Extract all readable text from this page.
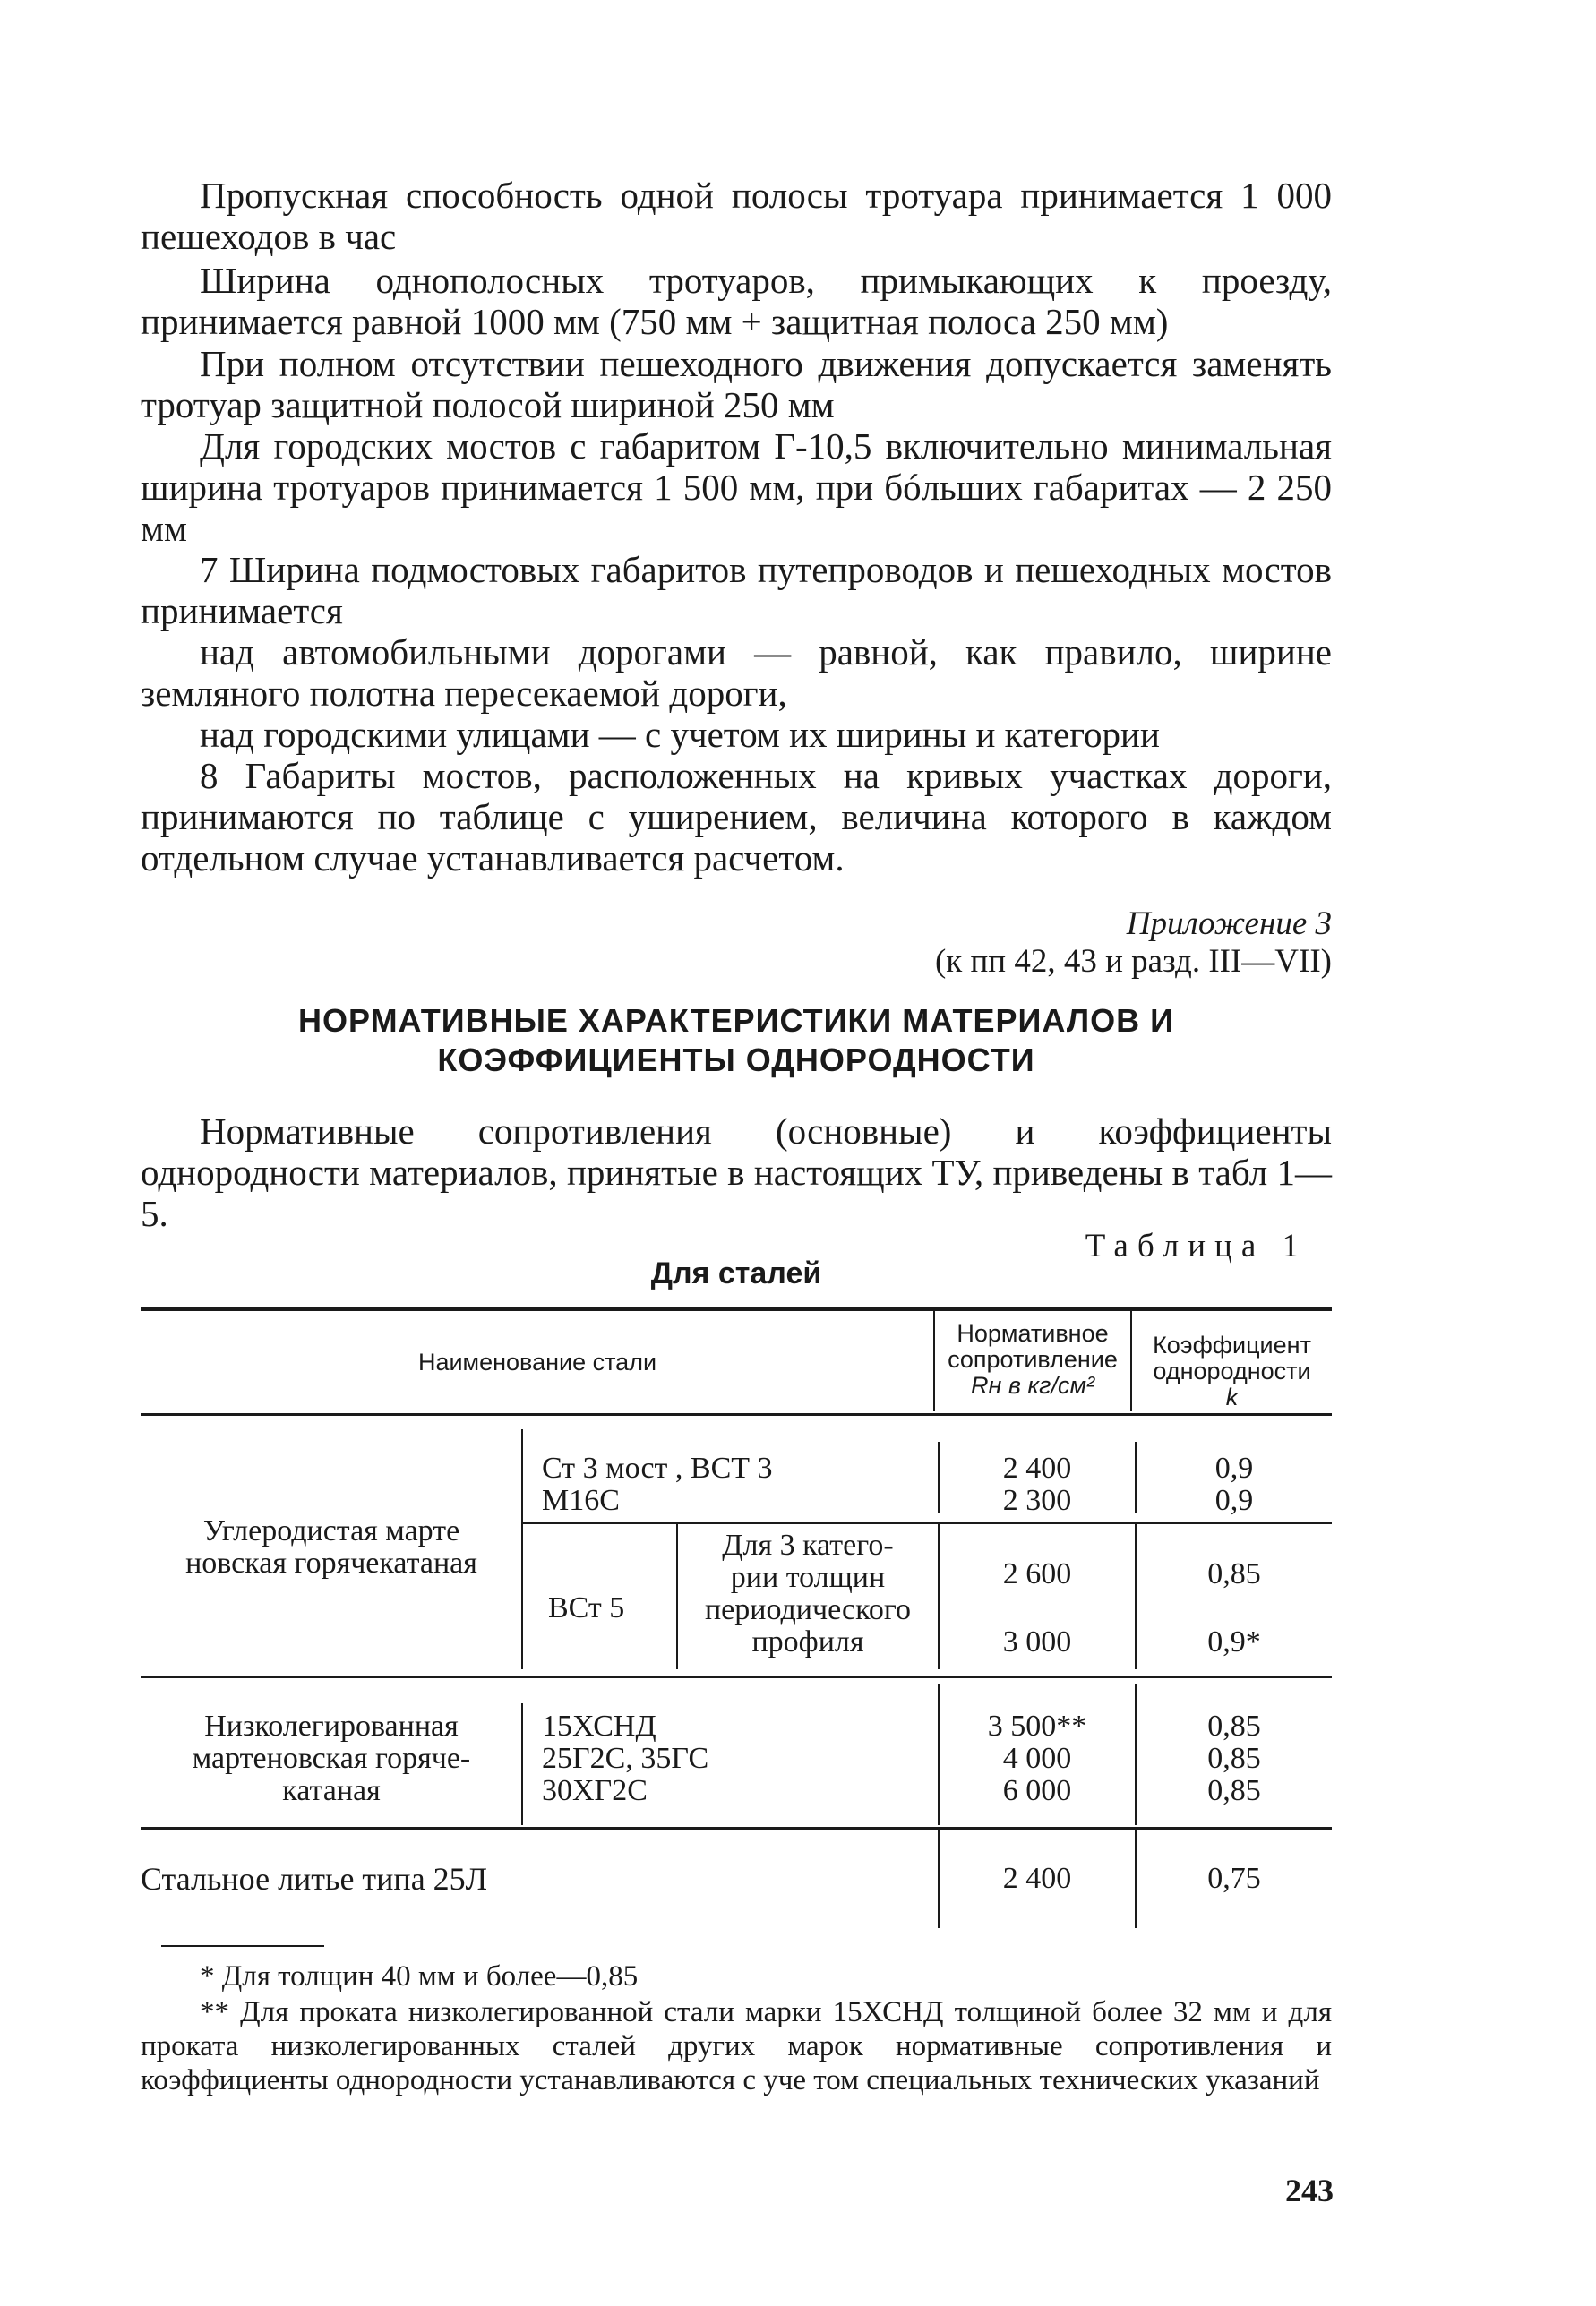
Пропускная способность одной полосы тротуара принимается 1 000 пешеходов в час
Ширина однополосных тротуаров, примыкающих к проезду, принимается равной 1000 мм (750 мм + защитная полоса 250 мм)
При полном отсутствии пешеходного движения допускается заменять тротуар защитной полосой шириной 250 мм
Для городских мостов с габаритом Г-10,5 включительно минимальная ширина тротуаров принимается 1 500 мм, при бóльших габаритах — 2 250 мм
7 Ширина подмостовых габаритов путепроводов и пешеходных мостов принимается
над автомобильными дорогами — равной, как правило, ширине земляного полотна пересекаемой дороги,
над городскими улицами — с учетом их ширины и категории
8 Габариты мостов, расположенных на кривых участках дороги, принимаются по таблице с уширением, величина которого в каждом отдельном случае устанавливается расчетом.
Приложение 3
(к пп 42, 43 и разд. III—VII)
НОРМАТИВНЫЕ ХАРАКТЕРИСТИКИ МАТЕРИАЛОВ И
КОЭФФИЦИЕНТЫ ОДНОРОДНОСТИ
Нормативные сопротивления (основные) и коэффициенты однородности материалов, принятые в настоящих ТУ, приведены в табл 1—5.
Таблица 1
Для сталей
Наименование стали
Нормативное
сопротивление
Rн в кг/см²
Коэффициент
однородности
k
Углеродистая марте
новская горячекатаная
Ст 3 мост , ВСТ 3
М16С
2 400
2 300
0,9
0,9
ВСт 5
Для 3 катего-
рии толщин
периодического
профиля
2 600
3 000
0,85
0,9*
Низколегированная
мартеновская горяче-
катаная
15ХСНД
25Г2С, 35ГС
30ХГ2С
3 500**
4 000
6 000
0,85
0,85
0,85
Стальное литье типа 25Л	2 400	0,75
* Для толщин 40 мм и более—0,85
** Для проката низколегированной стали марки 15ХСНД толщиной более 32 мм и для проката низколегированных сталей других марок нормативные сопротивления и коэффициенты однородности устанавливаются с уче том специальных технических указаний
243
